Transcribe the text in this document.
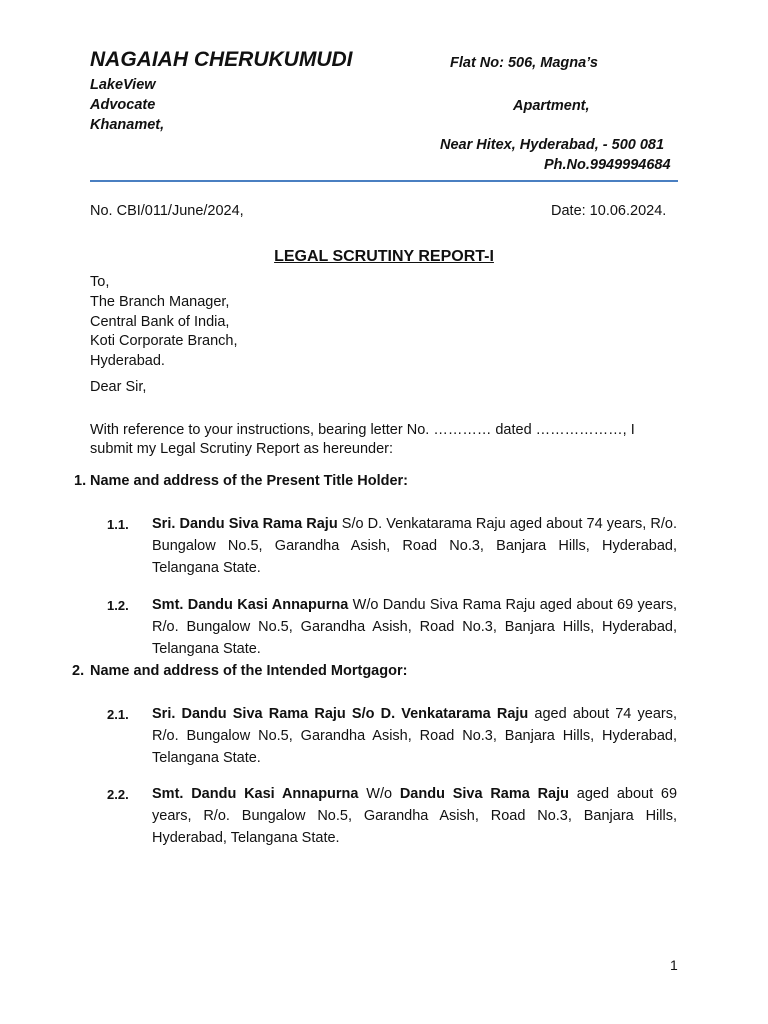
NAGAIAH CHERUKUMUDI	Flat No: 506, Magna’s
LakeView
Advocate	Apartment,
Khanamet,
Near Hitex, Hyderabad, - 500 081
Ph.No.9949994684
No. CBI/011/June/2024,	Date: 10.06.2024.
LEGAL SCRUTINY REPORT-I
To,
The Branch Manager,
Central Bank of India,
Koti Corporate Branch,
Hyderabad.
Dear Sir,
With reference to your instructions, bearing letter No. ………… dated ………………, I
submit my Legal Scrutiny Report as hereunder:
1. Name and address of the Present Title Holder:
1.1. Sri. Dandu Siva Rama Raju S/o D. Venkatarama Raju aged about 74 years, R/o. Bungalow No.5, Garandha Asish, Road No.3, Banjara Hills, Hyderabad, Telangana State.
1.2. Smt. Dandu Kasi Annapurna W/o Dandu Siva Rama Raju aged about 69 years, R/o. Bungalow No.5, Garandha Asish, Road No.3, Banjara Hills, Hyderabad, Telangana State.
2. Name and address of the Intended Mortgagor:
2.1. Sri. Dandu Siva Rama Raju S/o D. Venkatarama Raju aged about 74 years, R/o. Bungalow No.5, Garandha Asish, Road No.3, Banjara Hills, Hyderabad, Telangana State.
2.2. Smt. Dandu Kasi Annapurna W/o Dandu Siva Rama Raju aged about 69 years, R/o. Bungalow No.5, Garandha Asish, Road No.3, Banjara Hills, Hyderabad, Telangana State.
1
